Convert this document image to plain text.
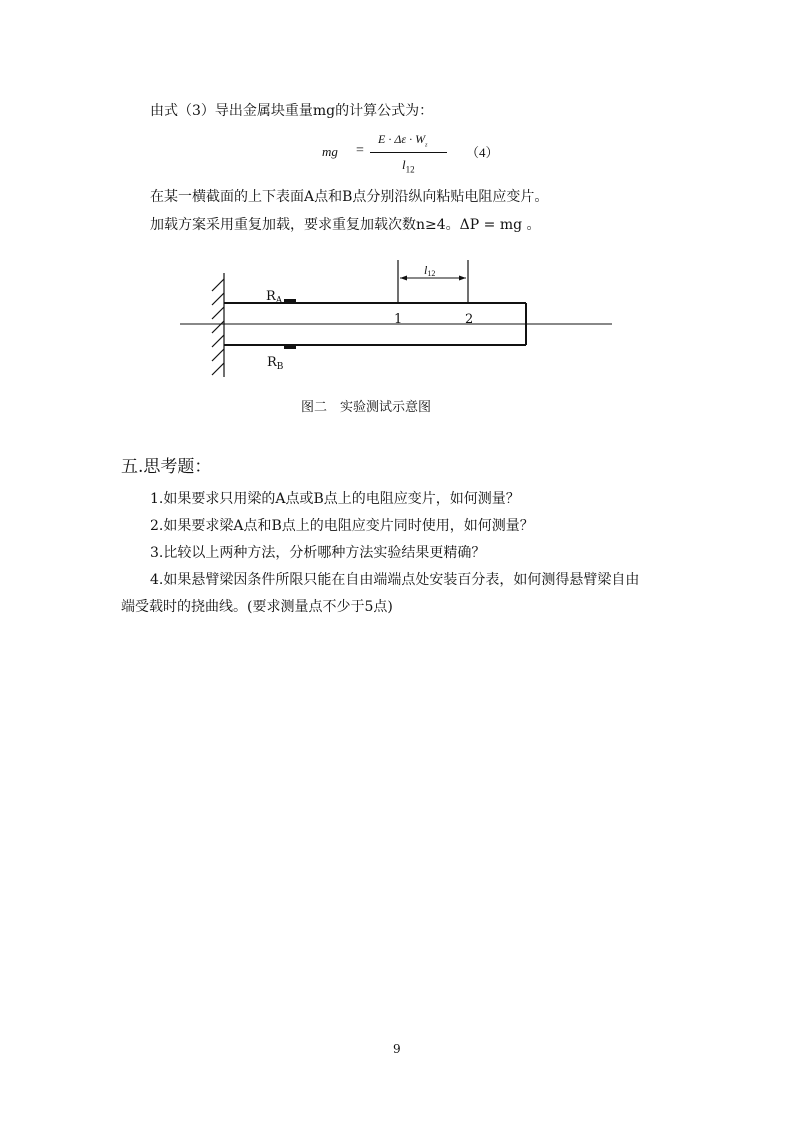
由式（3）导出金属块重量mg的计算公式为：
mg =
$E \cdot \Delta\varepsilon \cdot W_z$
$l_{12}$
（4）
在某一横截面的上下表面A点和B点分别沿纵向粘贴电阻应变片。
加载方案采用重复加载，要求重复加载次数n≥4。ΔP = mg 。
l12
$R_A$
$R_B$
1	2
图二　实验测试示意图
五.思考题：
1.如果要求只用梁的A点或B点上的电阻应变片，如何测量？
2.如果要求梁A点和B点上的电阻应变片同时使用，如何测量？
3.比较以上两种方法，分析哪种方法实验结果更精确？
4.如果悬臂梁因条件所限只能在自由端端点处安装百分表，如何测得悬臂梁自由
端受载时的挠曲线。(要求测量点不少于5点)
9
